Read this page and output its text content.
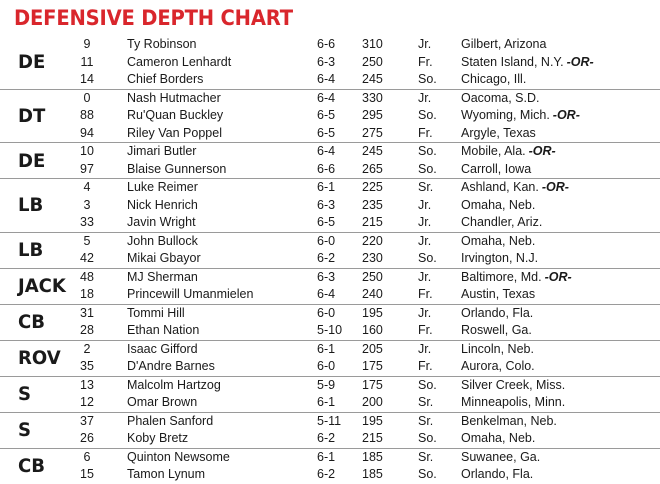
DEFENSIVE DEPTH CHART
DE
9	Ty Robinson	6-6 310	Jr. Gilbert, Arizona
11	Cameron Lenhardt	6-3 250	Fr. Staten Island, N.Y. -OR-
14	Chief Borders	6-4 245	So. Chicago, Ill.
DT
0	Nash Hutmacher	6-4 330	Jr. Oacoma, S.D.
88	Ru'Quan Buckley	6-5 295	So. Wyoming, Mich. -OR-
94	Riley Van Poppel	6-5 275	Fr. Argyle, Texas
DE	10	Jimari Butler	6-4 245	So. Mobile, Ala. -OR-
97	Blaise Gunnerson	6-6 265	So. Carroll, Iowa
LB
4	Luke Reimer	6-1 225	Sr. Ashland, Kan. -OR-
3	Nick Henrich	6-3 235	Jr. Omaha, Neb.
33	Javin Wright	6-5 215	Jr. Chandler, Ariz.
LB	5	John Bullock	6-0 220	Jr. Omaha, Neb.
42	Mikai Gbayor	6-2 230	So. Irvington, N.J.
JACK	48	MJ Sherman	6-3 250	Jr. Baltimore, Md. -OR-
18	Princewill Umanmielen	6-4 240	Fr. Austin, Texas
CB	31	Tommi Hill	6-0 195	Jr. Orlando, Fla.
28	Ethan Nation	5-10 160	Fr. Roswell, Ga.
ROV	2	Isaac Gifford	6-1 205	Jr. Lincoln, Neb.
35	D'Andre Barnes	6-0 175	Fr. Aurora, Colo.
S	13	Malcolm Hartzog	5-9 175	So. Silver Creek, Miss.
12	Omar Brown	6-1 200	Sr. Minneapolis, Minn.
S	37	Phalen Sanford	5-11 195	Sr. Benkelman, Neb.
26	Koby Bretz	6-2 215	So. Omaha, Neb.
CB	6	Quinton Newsome	6-1 185	Sr. Suwanee, Ga.
15	Tamon Lynum	6-2 185	So. Orlando, Fla.
